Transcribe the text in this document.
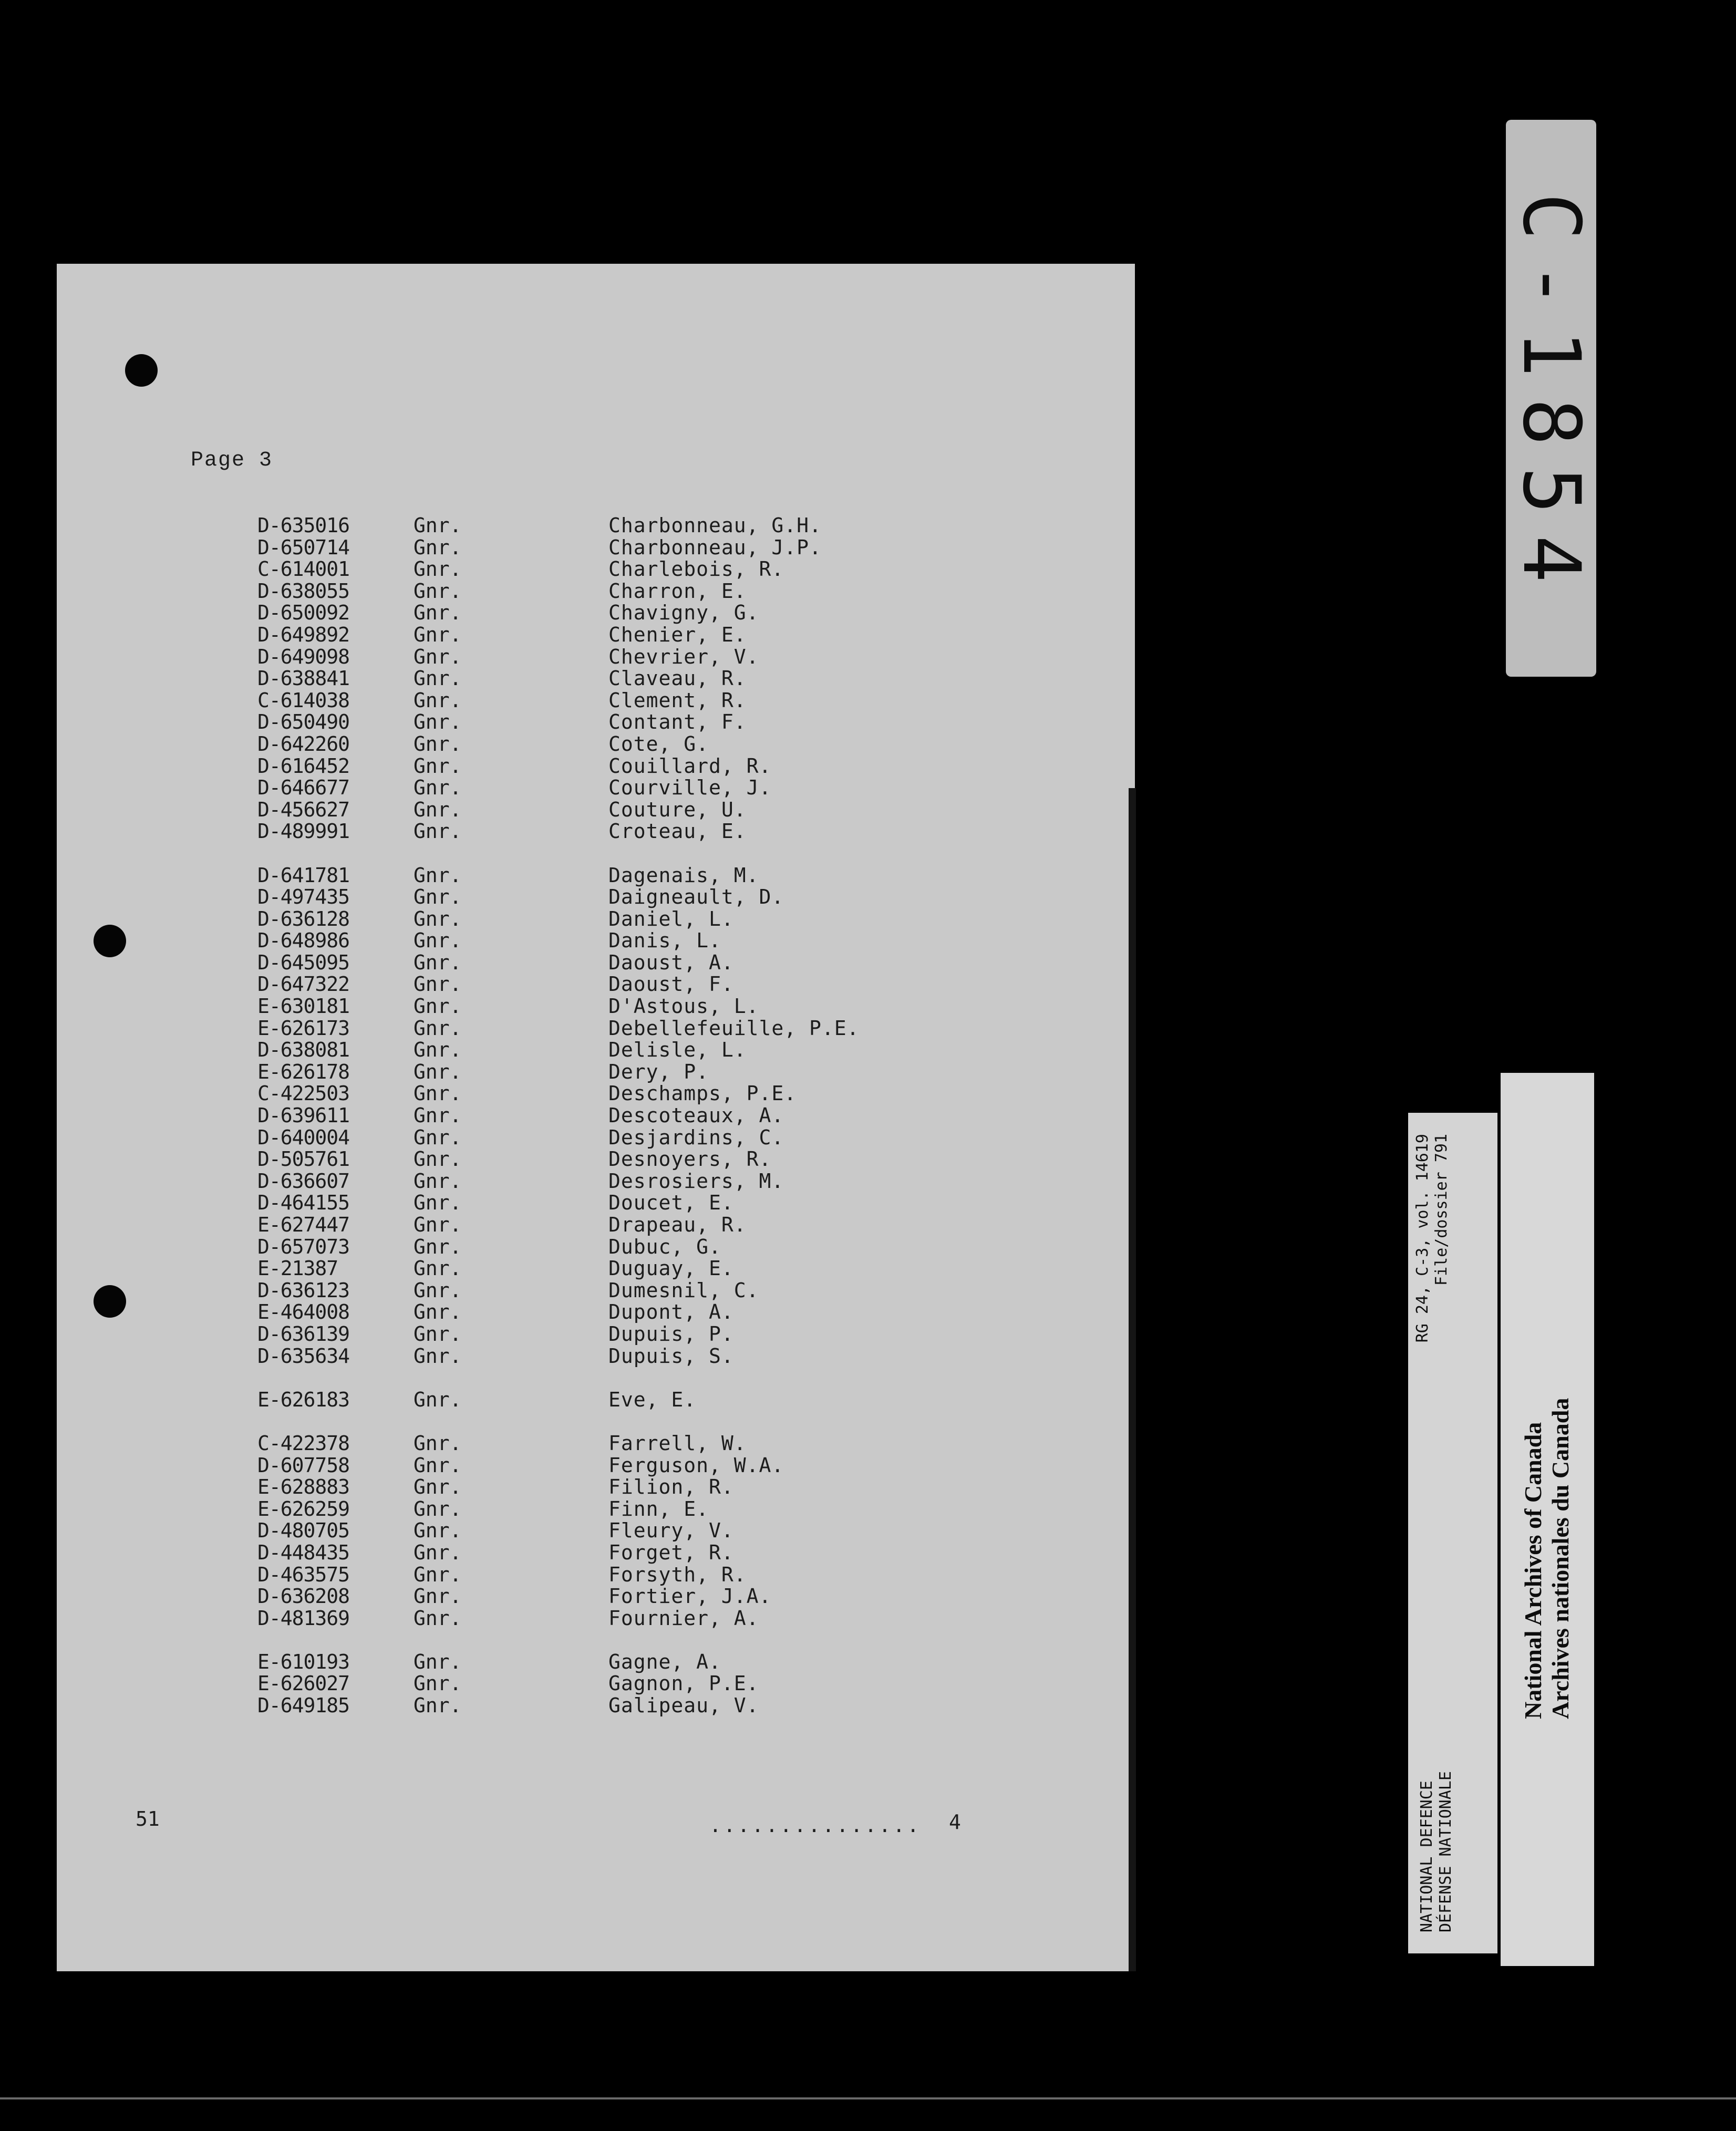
Page 3
D-635016	Gnr.	Charbonneau, G.H.
D-650714	Gnr.	Charbonneau, J.P.
C-614001	Gnr.	Charlebois, R.
D-638055	Gnr.	Charron, E.
D-650092	Gnr.	Chavigny, G.
D-649892	Gnr.	Chenier, E.
D-649098	Gnr.	Chevrier, V.
D-638841	Gnr.	Claveau, R.
C-614038	Gnr.	Clement, R.
D-650490	Gnr.	Contant, F.
D-642260	Gnr.	Cote, G.
D-616452	Gnr.	Couillard, R.
D-646677	Gnr.	Courville, J.
D-456627	Gnr.	Couture, U.
D-489991	Gnr.	Croteau, E.
D-641781	Gnr.	Dagenais, M.
D-497435	Gnr.	Daigneault, D.
D-636128	Gnr.	Daniel, L.
D-648986	Gnr.	Danis, L.
D-645095	Gnr.	Daoust, A.
D-647322	Gnr.	Daoust, F.
E-630181	Gnr.	D'Astous, L.
E-626173	Gnr.	Debellefeuille, P.E.
D-638081	Gnr.	Delisle, L.
E-626178	Gnr.	Dery, P.
C-422503	Gnr.	Deschamps, P.E.
D-639611	Gnr.	Descoteaux, A.
D-640004	Gnr.	Desjardins, C.
D-505761	Gnr.	Desnoyers, R.
D-636607	Gnr.	Desrosiers, M.
D-464155	Gnr.	Doucet, E.
E-627447	Gnr.	Drapeau, R.
D-657073	Gnr.	Dubuc, G.
E-21387	Gnr.	Duguay, E.
D-636123	Gnr.	Dumesnil, C.
E-464008	Gnr.	Dupont, A.
D-636139	Gnr.	Dupuis, P.
D-635634	Gnr.	Dupuis, S.
E-626183	Gnr.	Eve, E.
C-422378	Gnr.	Farrell, W.
D-607758	Gnr.	Ferguson, W.A.
E-628883	Gnr.	Filion, R.
E-626259	Gnr.	Finn, E.
D-480705	Gnr.	Fleury, V.
D-448435	Gnr.	Forget, R.
D-463575	Gnr.	Forsyth, R.
D-636208	Gnr.	Fortier, J.A.
D-481369	Gnr.	Fournier, A.
E-610193	Gnr.	Gagne, A.
E-626027	Gnr.	Gagnon, P.E.
D-649185	Gnr.	Galipeau, V.
51	............... 4
C-1854
NATIONAL DEFENCE DÉFENSE NATIONALE
RG 24, C-3, vol. 14619 File/dossier 791
National Archives of Canada Archives nationales du Canada
